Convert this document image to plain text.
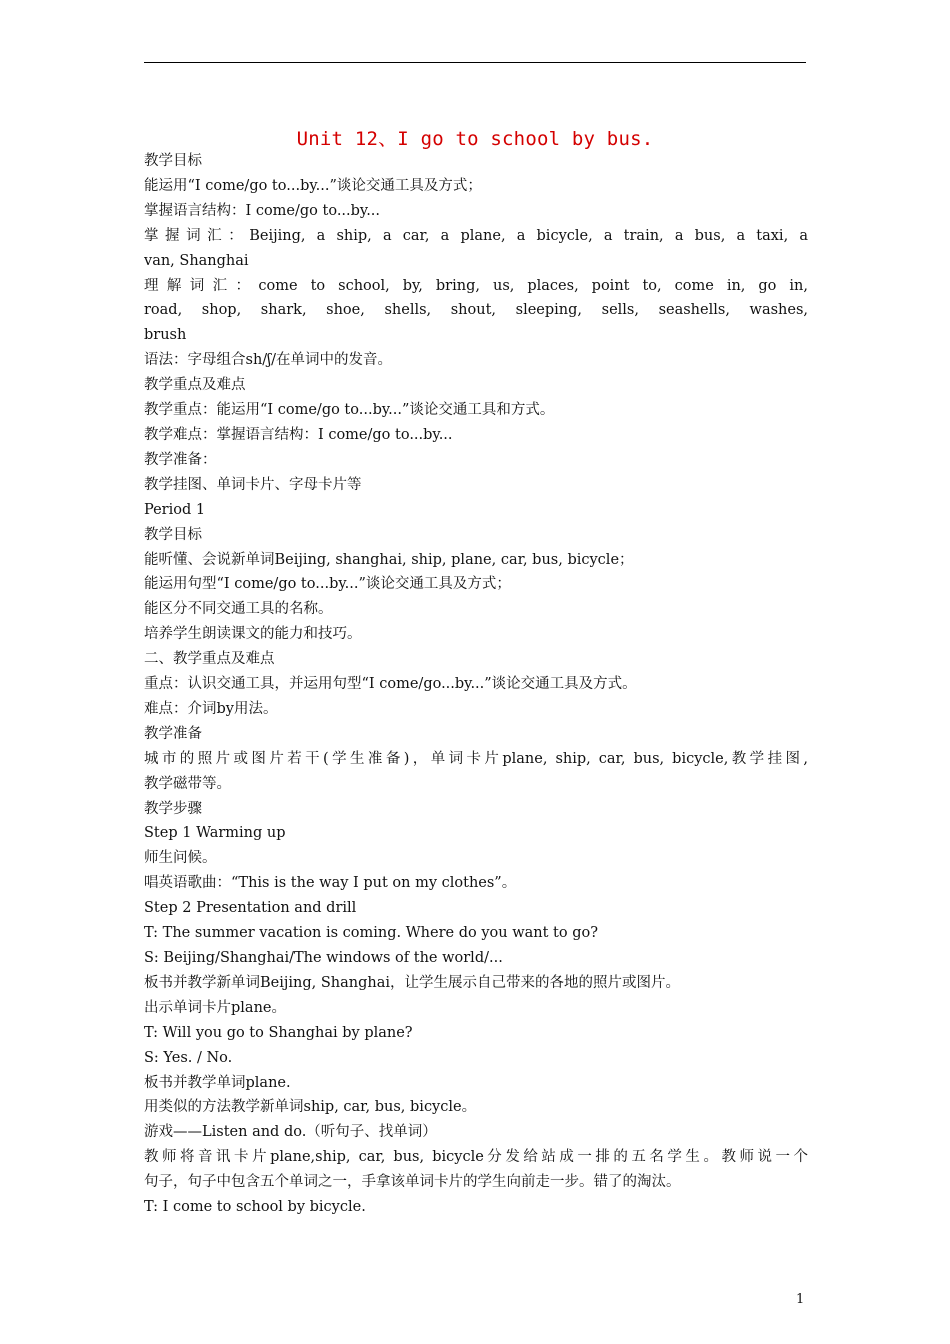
Unit 12、I go to school by bus.
教学目标
能运用“I come/go to...by...”谈论交通工具及方式；
掌握语言结构：I come/go to...by...
掌握词汇：Beijing, a ship, a car, a plane, a bicycle, a train, a bus, a taxi, a
van, Shanghai
理解词汇：come to school, by, bring, us, places, point to, come in, go in,
road, shop, shark, shoe, shells, shout, sleeping, sells, seashells, washes,
brush
语法：字母组合sh/ʃ/在单词中的发音。
教学重点及难点
教学重点：能运用“I come/go to...by...”谈论交通工具和方式。
教学难点：掌握语言结构：I come/go to...by...
教学准备：
教学挂图、单词卡片、字母卡片等
Period 1
教学目标
能听懂、会说新单词Beijing, shanghai, ship, plane, car, bus, bicycle；
能运用句型“I come/go to...by...”谈论交通工具及方式；
能区分不同交通工具的名称。
培养学生朗读课文的能力和技巧。
二、教学重点及难点
重点：认识交通工具，并运用句型“I come/go...by...”谈论交通工具及方式。
难点：介词by用法。
教学准备
城市的照片或图片若干(学生准备)，单词卡片plane, ship, car, bus, bicycle,教学挂图,
教学磁带等。
教学步骤
Step 1 Warming up
师生问候。
唱英语歌曲：“This is the way I put on my clothes”。
Step 2 Presentation and drill
T: The summer vacation is coming. Where do you want to go?
S: Beijing/Shanghai/The windows of the world/...
板书并教学新单词Beijing, Shanghai，让学生展示自己带来的各地的照片或图片。
出示单词卡片plane。
T: Will you go to Shanghai by plane?
S: Yes. / No.
板书并教学单词plane.
用类似的方法教学新单词ship, car, bus, bicycle。
游戏——Listen and do.（听句子、找单词）
教师将音讯卡片plane,ship, car, bus, bicycle分发给站成一排的五名学生。教师说一个
句子，句子中包含五个单词之一，手拿该单词卡片的学生向前走一步。错了的淘汰。
T: I come to school by bicycle.
1
